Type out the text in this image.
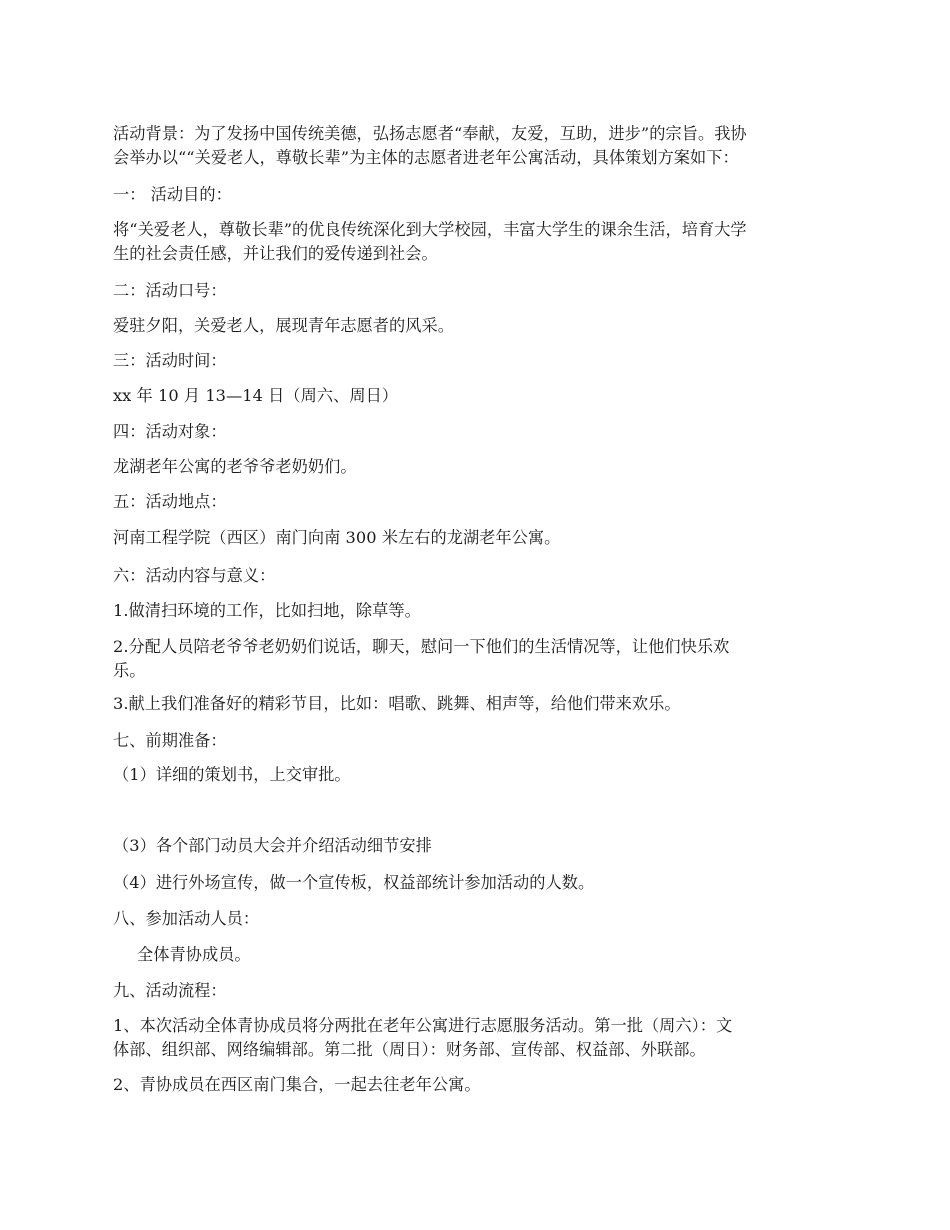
活动背景：为了发扬中国传统美德，弘扬志愿者“奉献，友爱，互助，进步”的宗旨。我协
会举办以““关爱老人，尊敬长辈”为主体的志愿者进老年公寓活动，具体策划方案如下：
一： 活动目的：
将“关爱老人，尊敬长辈”的优良传统深化到大学校园，丰富大学生的课余生活，培育大学
生的社会责任感，并让我们的爱传递到社会。
二：活动口号：
爱驻夕阳，关爱老人，展现青年志愿者的风采。
三：活动时间：
xx 年 10 月 13—14 日（周六、周日）
四：活动对象：
龙湖老年公寓的老爷爷老奶奶们。
五：活动地点：
河南工程学院（西区）南门向南 300 米左右的龙湖老年公寓。
六：活动内容与意义：
1.做清扫环境的工作，比如扫地，除草等。
2.分配人员陪老爷爷老奶奶们说话，聊天，慰问一下他们的生活情况等，让他们快乐欢
乐。
3.献上我们准备好的精彩节目，比如：唱歌、跳舞、相声等，给他们带来欢乐。
七、前期准备：
（1）详细的策划书，上交审批。
（3）各个部门动员大会并介绍活动细节安排
（4）进行外场宣传，做一个宣传板，权益部统计参加活动的人数。
八、参加活动人员：
全体青协成员。
九、活动流程：
1、本次活动全体青协成员将分两批在老年公寓进行志愿服务活动。第一批（周六）：文
体部、组织部、网络编辑部。第二批（周日）：财务部、宣传部、权益部、外联部。
2、青协成员在西区南门集合，一起去往老年公寓。
